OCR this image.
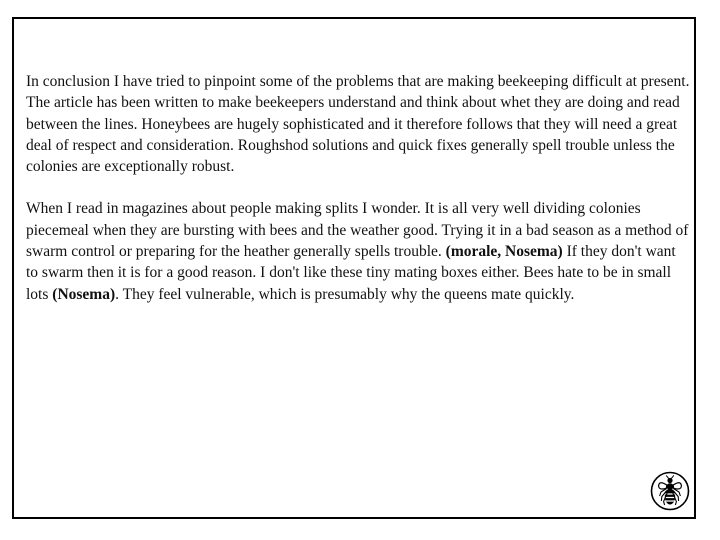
In conclusion I have tried to pinpoint some of the problems that are making beekeeping difficult at present. The article has been written to make beekeepers understand and think about whet they are doing and read between the lines. Honeybees are hugely sophisticated and it therefore follows that they will need a great deal of respect and consideration. Roughshod solutions and quick fixes generally spell trouble unless the colonies are exceptionally robust.

When I read in magazines about people making splits I wonder. It is all very well dividing colonies piecemeal when they are bursting with bees and the weather good. Trying it in a bad season as a method of swarm control or preparing for the heather generally spells trouble. (morale, Nosema) If they don't want to swarm then it is for a good reason. I don't like these tiny mating boxes either. Bees hate to be in small lots (Nosema). They feel vulnerable, which is presumably why the queens mate quickly.
